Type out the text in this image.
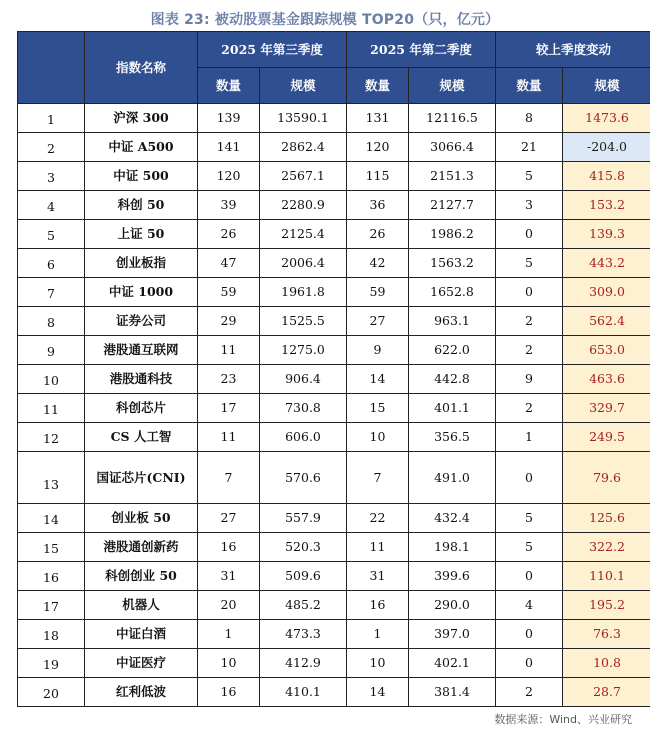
图表 23: 被动股票基金跟踪规模 TOP20（只，亿元）
	指数名称	2025 年第三季度		2025 年第二季度		较上季度变动	
		数量	规模	数量	规模	数量	规模
1	沪深 300	139	13590.1	131	12116.5	8	1473.6
2	中证 A500	141	2862.4	120	3066.4	21	-204.0
3	中证 500	120	2567.1	115	2151.3	5	415.8
4	科创 50	39	2280.9	36	2127.7	3	153.2
5	上证 50	26	2125.4	26	1986.2	0	139.3
6	创业板指	47	2006.4	42	1563.2	5	443.2
7	中证 1000	59	1961.8	59	1652.8	0	309.0
8	证券公司	29	1525.5	27	963.1	2	562.4
9	港股通互联网	11	1275.0	9	622.0	2	653.0
10	港股通科技	23	906.4	14	442.8	9	463.6
11	科创芯片	17	730.8	15	401.1	2	329.7
12	CS 人工智	11	606.0	10	356.5	1	249.5
13	国证芯片(CNI)	7	570.6	7	491.0	0	79.6
14	创业板 50	27	557.9	22	432.4	5	125.6
15	港股通创新药	16	520.3	11	198.1	5	322.2
16	科创创业 50	31	509.6	31	399.6	0	110.1
17	机器人	20	485.2	16	290.0	4	195.2
18	中证白酒	1	473.3	1	397.0	0	76.3
19	中证医疗	10	412.9	10	402.1	0	10.8
20	红利低波	16	410.1	14	381.4	2	28.7
数据来源：Wind、兴业研究
